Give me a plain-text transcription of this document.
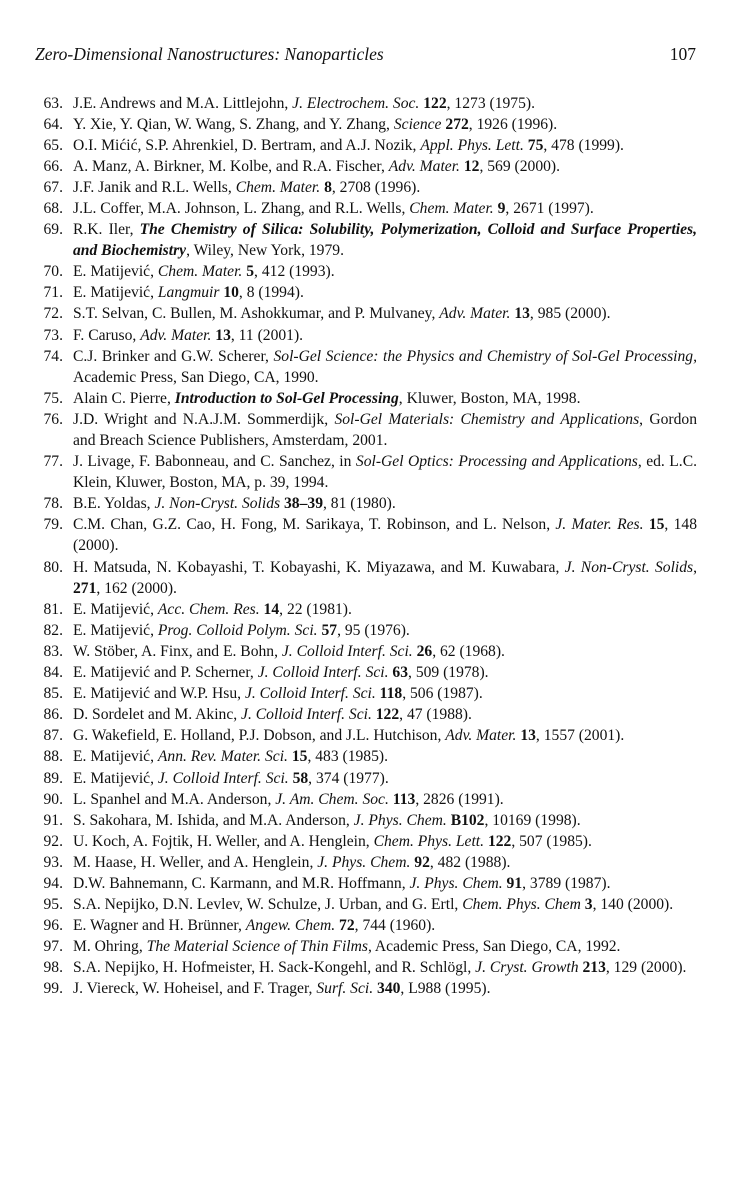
Zero-Dimensional Nanostructures: Nanoparticles	107
63. J.E. Andrews and M.A. Littlejohn, J. Electrochem. Soc. 122, 1273 (1975).
64. Y. Xie, Y. Qian, W. Wang, S. Zhang, and Y. Zhang, Science 272, 1926 (1996).
65. O.I. Mićić, S.P. Ahrenkiel, D. Bertram, and A.J. Nozik, Appl. Phys. Lett. 75, 478 (1999).
66. A. Manz, A. Birkner, M. Kolbe, and R.A. Fischer, Adv. Mater. 12, 569 (2000).
67. J.F. Janik and R.L. Wells, Chem. Mater. 8, 2708 (1996).
68. J.L. Coffer, M.A. Johnson, L. Zhang, and R.L. Wells, Chem. Mater. 9, 2671 (1997).
69. R.K. Iler, The Chemistry of Silica: Solubility, Polymerization, Colloid and Surface Properties, and Biochemistry, Wiley, New York, 1979.
70. E. Matijević, Chem. Mater. 5, 412 (1993).
71. E. Matijević, Langmuir 10, 8 (1994).
72. S.T. Selvan, C. Bullen, M. Ashokkumar, and P. Mulvaney, Adv. Mater. 13, 985 (2000).
73. F. Caruso, Adv. Mater. 13, 11 (2001).
74. C.J. Brinker and G.W. Scherer, Sol-Gel Science: the Physics and Chemistry of Sol-Gel Processing, Academic Press, San Diego, CA, 1990.
75. Alain C. Pierre, Introduction to Sol-Gel Processing, Kluwer, Boston, MA, 1998.
76. J.D. Wright and N.A.J.M. Sommerdijk, Sol-Gel Materials: Chemistry and Applications, Gordon and Breach Science Publishers, Amsterdam, 2001.
77. J. Livage, F. Babonneau, and C. Sanchez, in Sol-Gel Optics: Processing and Applications, ed. L.C. Klein, Kluwer, Boston, MA, p. 39, 1994.
78. B.E. Yoldas, J. Non-Cryst. Solids 38–39, 81 (1980).
79. C.M. Chan, G.Z. Cao, H. Fong, M. Sarikaya, T. Robinson, and L. Nelson, J. Mater. Res. 15, 148 (2000).
80. H. Matsuda, N. Kobayashi, T. Kobayashi, K. Miyazawa, and M. Kuwabara, J. Non-Cryst. Solids, 271, 162 (2000).
81. E. Matijević, Acc. Chem. Res. 14, 22 (1981).
82. E. Matijević, Prog. Colloid Polym. Sci. 57, 95 (1976).
83. W. Stöber, A. Finx, and E. Bohn, J. Colloid Interf. Sci. 26, 62 (1968).
84. E. Matijević and P. Scherner, J. Colloid Interf. Sci. 63, 509 (1978).
85. E. Matijević and W.P. Hsu, J. Colloid Interf. Sci. 118, 506 (1987).
86. D. Sordelet and M. Akinc, J. Colloid Interf. Sci. 122, 47 (1988).
87. G. Wakefield, E. Holland, P.J. Dobson, and J.L. Hutchison, Adv. Mater. 13, 1557 (2001).
88. E. Matijević, Ann. Rev. Mater. Sci. 15, 483 (1985).
89. E. Matijević, J. Colloid Interf. Sci. 58, 374 (1977).
90. L. Spanhel and M.A. Anderson, J. Am. Chem. Soc. 113, 2826 (1991).
91. S. Sakohara, M. Ishida, and M.A. Anderson, J. Phys. Chem. B102, 10169 (1998).
92. U. Koch, A. Fojtik, H. Weller, and A. Henglein, Chem. Phys. Lett. 122, 507 (1985).
93. M. Haase, H. Weller, and A. Henglein, J. Phys. Chem. 92, 482 (1988).
94. D.W. Bahnemann, C. Karmann, and M.R. Hoffmann, J. Phys. Chem. 91, 3789 (1987).
95. S.A. Nepijko, D.N. Levlev, W. Schulze, J. Urban, and G. Ertl, Chem. Phys. Chem 3, 140 (2000).
96. E. Wagner and H. Brünner, Angew. Chem. 72, 744 (1960).
97. M. Ohring, The Material Science of Thin Films, Academic Press, San Diego, CA, 1992.
98. S.A. Nepijko, H. Hofmeister, H. Sack-Kongehl, and R. Schlögl, J. Cryst. Growth 213, 129 (2000).
99. J. Viereck, W. Hoheisel, and F. Trager, Surf. Sci. 340, L988 (1995).
